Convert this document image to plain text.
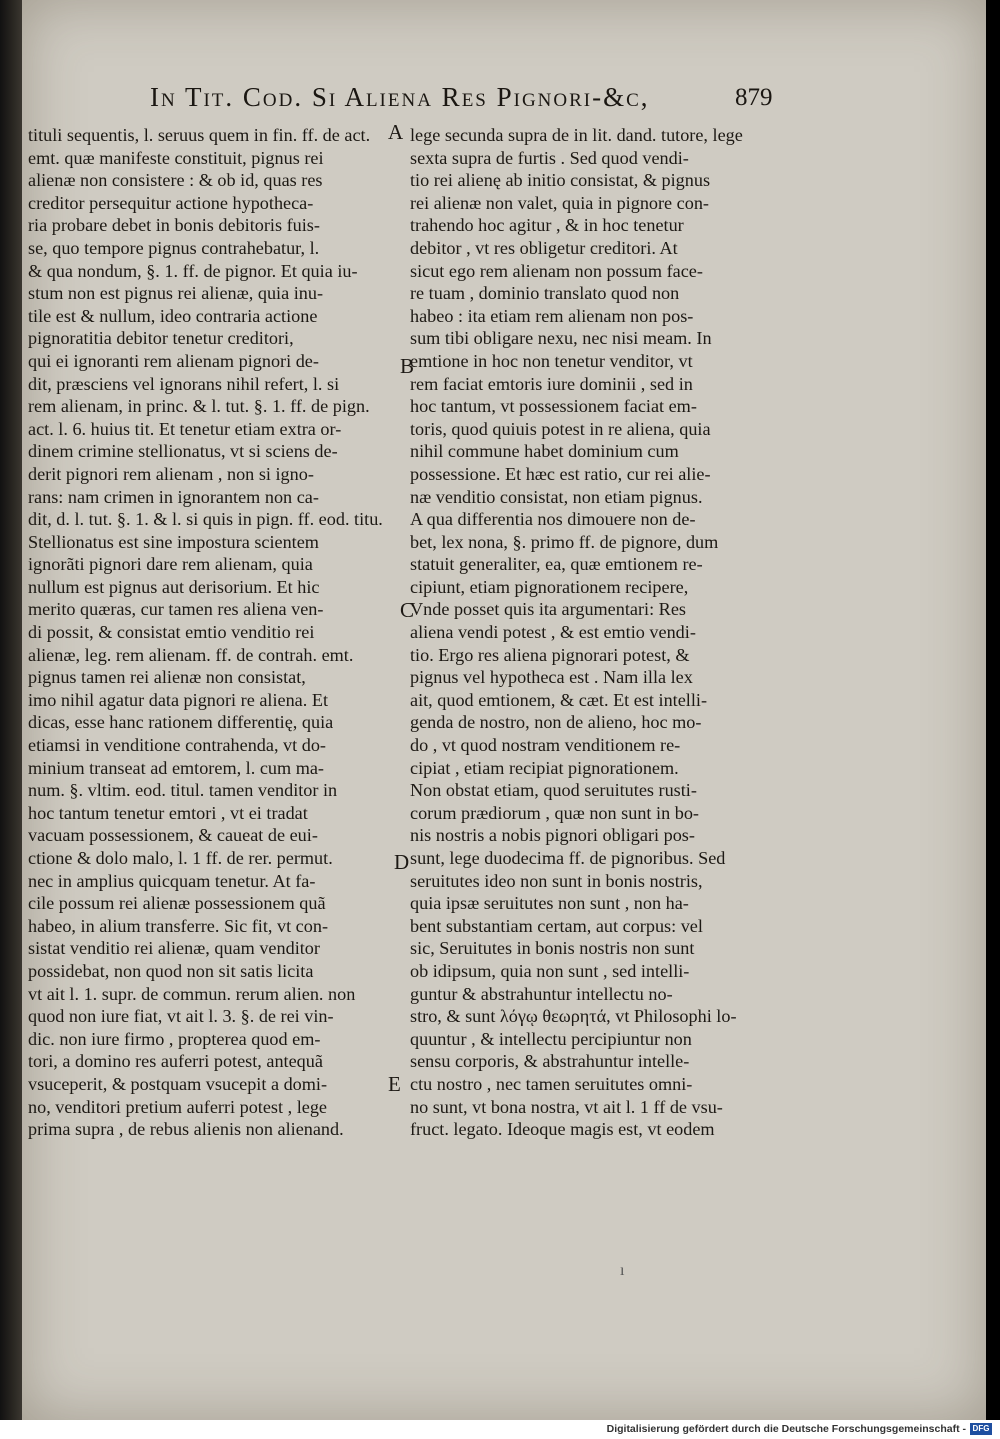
In Tit. Cod. Si Aliena Res Pignori-&c,	879
tituli sequentis, l. seruus quem in fin. ff. de act.
emt. quæ manifeste constituit, pignus rei
alienæ non consistere : & ob id, quas res
creditor persequitur actione hypotheca-
ria probare debet in bonis debitoris fuis-
se, quo tempore pignus contrahebatur, l.
& qua nondum, §. 1. ff. de pignor. Et quia iu-
stum non est pignus rei alienæ, quia inu-
tile est & nullum, ideo contraria actione
pignoratitia debitor tenetur creditori,
qui ei ignoranti rem alienam pignori de-
dit, præsciens vel ignorans nihil refert, l. si
rem alienam, in princ. & l. tut. §. 1. ff. de pign.
act. l. 6. huius tit. Et tenetur etiam extra or-
dinem crimine stellionatus, vt si sciens de-
derit pignori rem alienam , non si igno-
rans: nam crimen in ignorantem non ca-
dit, d. l. tut. §. 1. & l. si quis in pign. ff. eod. titu.
Stellionatus est sine impostura scientem
ignorãti pignori dare rem alienam, quia
nullum est pignus aut derisorium. Et hic
merito quæras, cur tamen res aliena ven-
di possit, & consistat emtio venditio rei
alienæ, leg. rem alienam. ff. de contrah. emt.
pignus tamen rei alienæ non consistat,
imo nihil agatur data pignori re aliena. Et
dicas, esse hanc rationem differentię, quia
etiamsi in venditione contrahenda, vt do-
minium transeat ad emtorem, l. cum ma-
num. §. vltim. eod. titul. tamen venditor in
hoc tantum tenetur emtori , vt ei tradat
vacuam possessionem, & caueat de eui-
ctione & dolo malo, l. 1 ff. de rer. permut.
nec in amplius quicquam tenetur. At fa-
cile possum rei alienæ possessionem quã
habeo, in alium transferre. Sic fit, vt con-
sistat venditio rei alienæ, quam venditor
possidebat, non quod non sit satis licita
vt ait l. 1. supr. de commun. rerum alien. non
quod non iure fiat, vt ait l. 3. §. de rei vin-
dic. non iure firmo , propterea quod em-
tori, a domino res auferri potest, antequã
vsuceperit, & postquam vsucepit a domi-
no, venditori pretium auferri potest , lege
prima supra , de rebus alienis non alienand.
lege secunda supra de in lit. dand. tutore, lege
sexta supra de furtis . Sed quod vendi-
tio rei alienę ab initio consistat, & pignus
rei alienæ non valet, quia in pignore con-
trahendo hoc agitur , & in hoc tenetur
debitor , vt res obligetur creditori. At
sicut ego rem alienam non possum face-
re tuam , dominio translato quod non
habeo : ita etiam rem alienam non pos-
sum tibi obligare nexu, nec nisi meam. In
emtione in hoc non tenetur venditor, vt
rem faciat emtoris iure dominii , sed in
hoc tantum, vt possessionem faciat em-
toris, quod quiuis potest in re aliena, quia
nihil commune habet dominium cum
possessione. Et hæc est ratio, cur rei alie-
næ venditio consistat, non etiam pignus.
A qua differentia nos dimouere non de-
bet, lex nona, §. primo ff. de pignore, dum
statuit generaliter, ea, quæ emtionem re-
cipiunt, etiam pignorationem recipere,
Vnde posset quis ita argumentari: Res
aliena vendi potest , & est emtio vendi-
tio. Ergo res aliena pignorari potest, &
pignus vel hypotheca est . Nam illa lex
ait, quod emtionem, & cæt. Et est intelli-
genda de nostro, non de alieno, hoc mo-
do , vt quod nostram venditionem re-
cipiat , etiam recipiat pignorationem.
Non obstat etiam, quod seruitutes rusti-
corum prædiorum , quæ non sunt in bo-
nis nostris a nobis pignori obligari pos-
sunt, lege duodecima ff. de pignoribus. Sed
seruitutes ideo non sunt in bonis nostris,
quia ipsæ seruitutes non sunt , non ha-
bent substantiam certam, aut corpus: vel
sic, Seruitutes in bonis nostris non sunt
ob idipsum, quia non sunt , sed intelli-
guntur & abstrahuntur intellectu no-
stro, & sunt λόγῳ θεωρητά, vt Philosophi lo-
quuntur , & intellectu percipiuntur non
sensu corporis, & abstrahuntur intelle-
ctu nostro , nec tamen seruitutes omni-
no sunt, vt bona nostra, vt ait l. 1 ff de vsu-
fruct. legato. Ideoque magis est, vt eodem
A
B
C
D
E
ı
Digitalisierung gefördert durch die Deutsche Forschungsgemeinschaft - DFG
